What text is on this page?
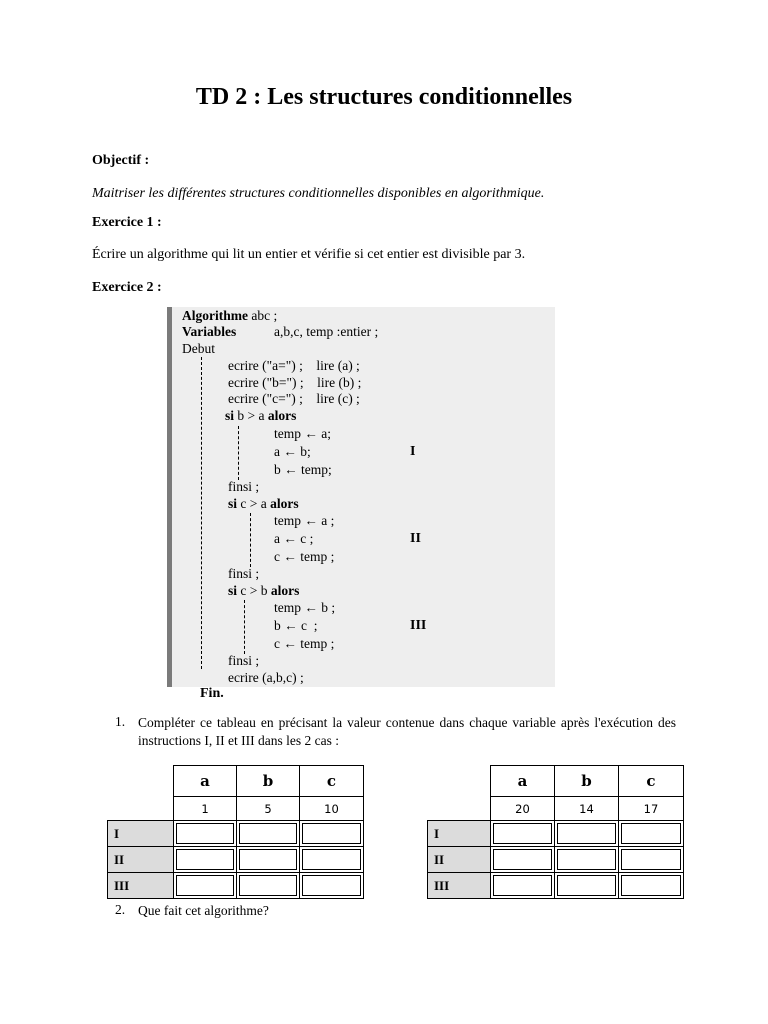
TD 2 : Les structures conditionnelles
Objectif :
Maitriser les différentes structures conditionnelles disponibles en algorithmique.
Exercice 1 :
Écrire un algorithme qui lit un entier et vérifie si cet entier est divisible par 3.
Exercice 2 :
Algorithme abc ;
Variables	a,b,c, temp :entier ;
Debut
ecrire ("a=") ;    lire (a) ;
ecrire ("b=") ;    lire (b) ;
ecrire ("c=") ;    lire (c) ;
si b > a alors
temp ← a;
a ← b;
b ← temp;
I
finsi ;
si c > a alors
temp ← a ;
a ← c ;
c ← temp ;
II
finsi ;
si c > b alors
temp ← b ;
b ← c  ;
c ← temp ;
III
finsi ;
ecrire (a,b,c) ;
Fin.
1. Compléter ce tableau en précisant la valeur contenue dans chaque variable après l'exécution des instructions I, II et III dans les 2 cas :
a	b	c
1	5	10
I
II
III
a	b	c
20	14	17
I
II
III
2. Que fait cet algorithme?
